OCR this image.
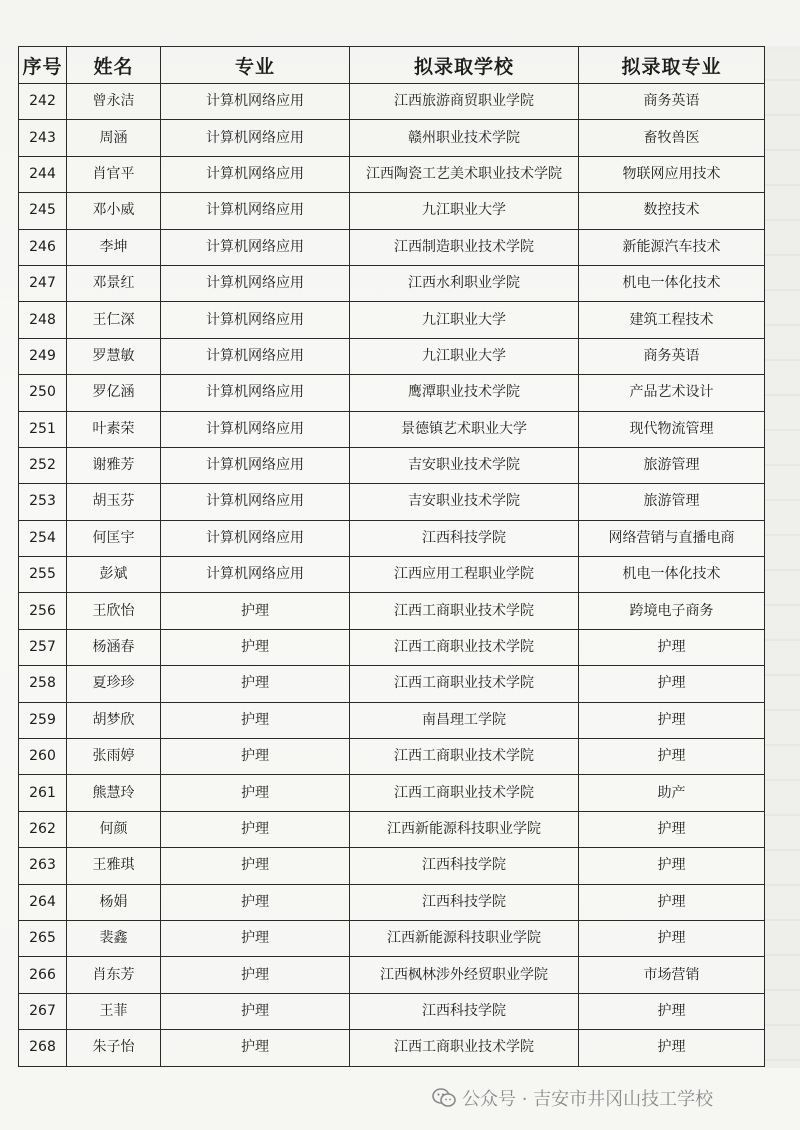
序号	姓名	专业	拟录取学校	拟录取专业
242	曾永洁	计算机网络应用	江西旅游商贸职业学院	商务英语
243	周涵	计算机网络应用	赣州职业技术学院	畜牧兽医
244	肖官平	计算机网络应用	江西陶瓷工艺美术职业技术学院	物联网应用技术
245	邓小威	计算机网络应用	九江职业大学	数控技术
246	李坤	计算机网络应用	江西制造职业技术学院	新能源汽车技术
247	邓景红	计算机网络应用	江西水利职业学院	机电一体化技术
248	王仁深	计算机网络应用	九江职业大学	建筑工程技术
249	罗慧敏	计算机网络应用	九江职业大学	商务英语
250	罗亿涵	计算机网络应用	鹰潭职业技术学院	产品艺术设计
251	叶素荣	计算机网络应用	景德镇艺术职业大学	现代物流管理
252	谢雅芳	计算机网络应用	吉安职业技术学院	旅游管理
253	胡玉芬	计算机网络应用	吉安职业技术学院	旅游管理
254	何匡宇	计算机网络应用	江西科技学院	网络营销与直播电商
255	彭斌	计算机网络应用	江西应用工程职业学院	机电一体化技术
256	王欣怡	护理	江西工商职业技术学院	跨境电子商务
257	杨涵春	护理	江西工商职业技术学院	护理
258	夏珍珍	护理	江西工商职业技术学院	护理
259	胡梦欣	护理	南昌理工学院	护理
260	张雨婷	护理	江西工商职业技术学院	护理
261	熊慧玲	护理	江西工商职业技术学院	助产
262	何颜	护理	江西新能源科技职业学院	护理
263	王雅琪	护理	江西科技学院	护理
264	杨娟	护理	江西科技学院	护理
265	裴鑫	护理	江西新能源科技职业学院	护理
266	肖东芳	护理	江西枫林涉外经贸职业学院	市场营销
267	王菲	护理	江西科技学院	护理
268	朱子怡	护理	江西工商职业技术学院	护理
公众号 · 吉安市井冈山技工学校
